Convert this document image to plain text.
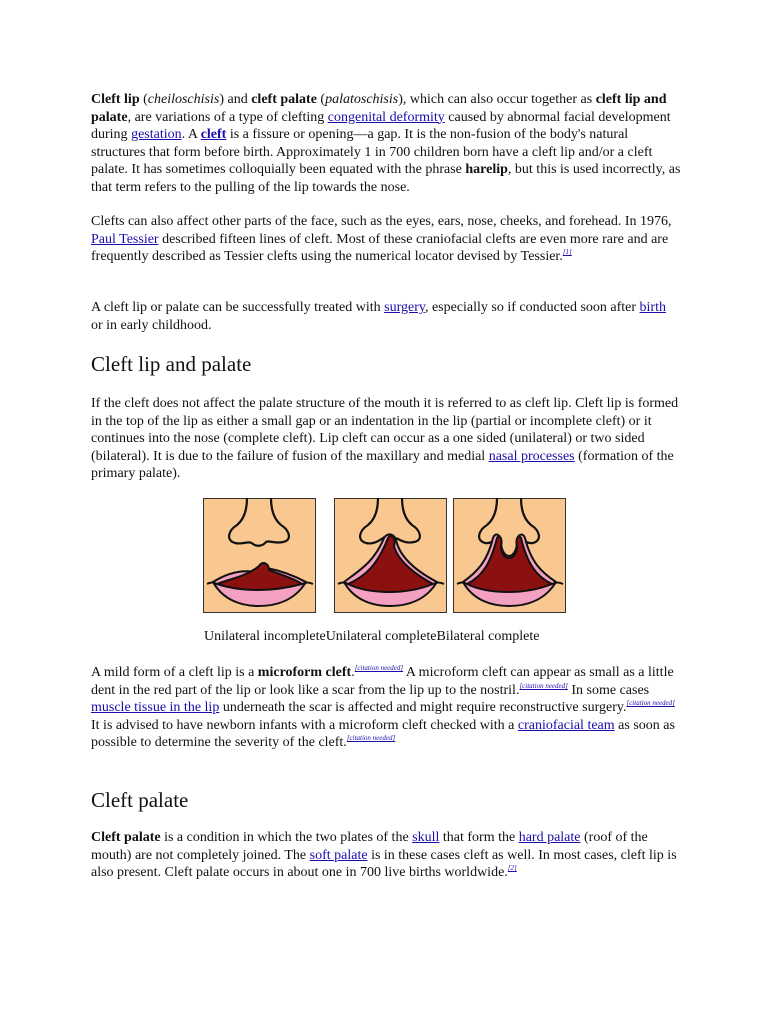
Cleft lip (cheiloschisis) and cleft palate (palatoschisis), which can also occur together as cleft lip and palate, are variations of a type of clefting congenital deformity caused by abnormal facial development during gestation. A cleft is a fissure or opening—a gap. It is the non-fusion of the body's natural structures that form before birth. Approximately 1 in 700 children born have a cleft lip and/or a cleft palate. It has sometimes colloquially been equated with the phrase harelip, but this is used incorrectly, as that term refers to the pulling of the lip towards the nose.

Clefts can also affect other parts of the face, such as the eyes, ears, nose, cheeks, and forehead. In 1976, Paul Tessier described fifteen lines of cleft. Most of these craniofacial clefts are even more rare and are frequently described as Tessier clefts using the numerical locator devised by Tessier.[1]

A cleft lip or palate can be successfully treated with surgery, especially so if conducted soon after birth or in early childhood.

Cleft lip and palate

If the cleft does not affect the palate structure of the mouth it is referred to as cleft lip. Cleft lip is formed in the top of the lip as either a small gap or an indentation in the lip (partial or incomplete cleft) or it continues into the nose (complete cleft). Lip cleft can occur as a one sided (unilateral) or two sided (bilateral). It is due to the failure of fusion of the maxillary and medial nasal processes (formation of the primary palate).

Unilateral incompleteUnilateral completeBilateral complete

A mild form of a cleft lip is a microform cleft.[citation needed] A microform cleft can appear as small as a little dent in the red part of the lip or look like a scar from the lip up to the nostril.[citation needed] In some cases muscle tissue in the lip underneath the scar is affected and might require reconstructive surgery.[citation needed] It is advised to have newborn infants with a microform cleft checked with a craniofacial team as soon as possible to determine the severity of the cleft.[citation needed]

Cleft palate

Cleft palate is a condition in which the two plates of the skull that form the hard palate (roof of the mouth) are not completely joined. The soft palate is in these cases cleft as well. In most cases, cleft lip is also present. Cleft palate occurs in about one in 700 live births worldwide.[2]
